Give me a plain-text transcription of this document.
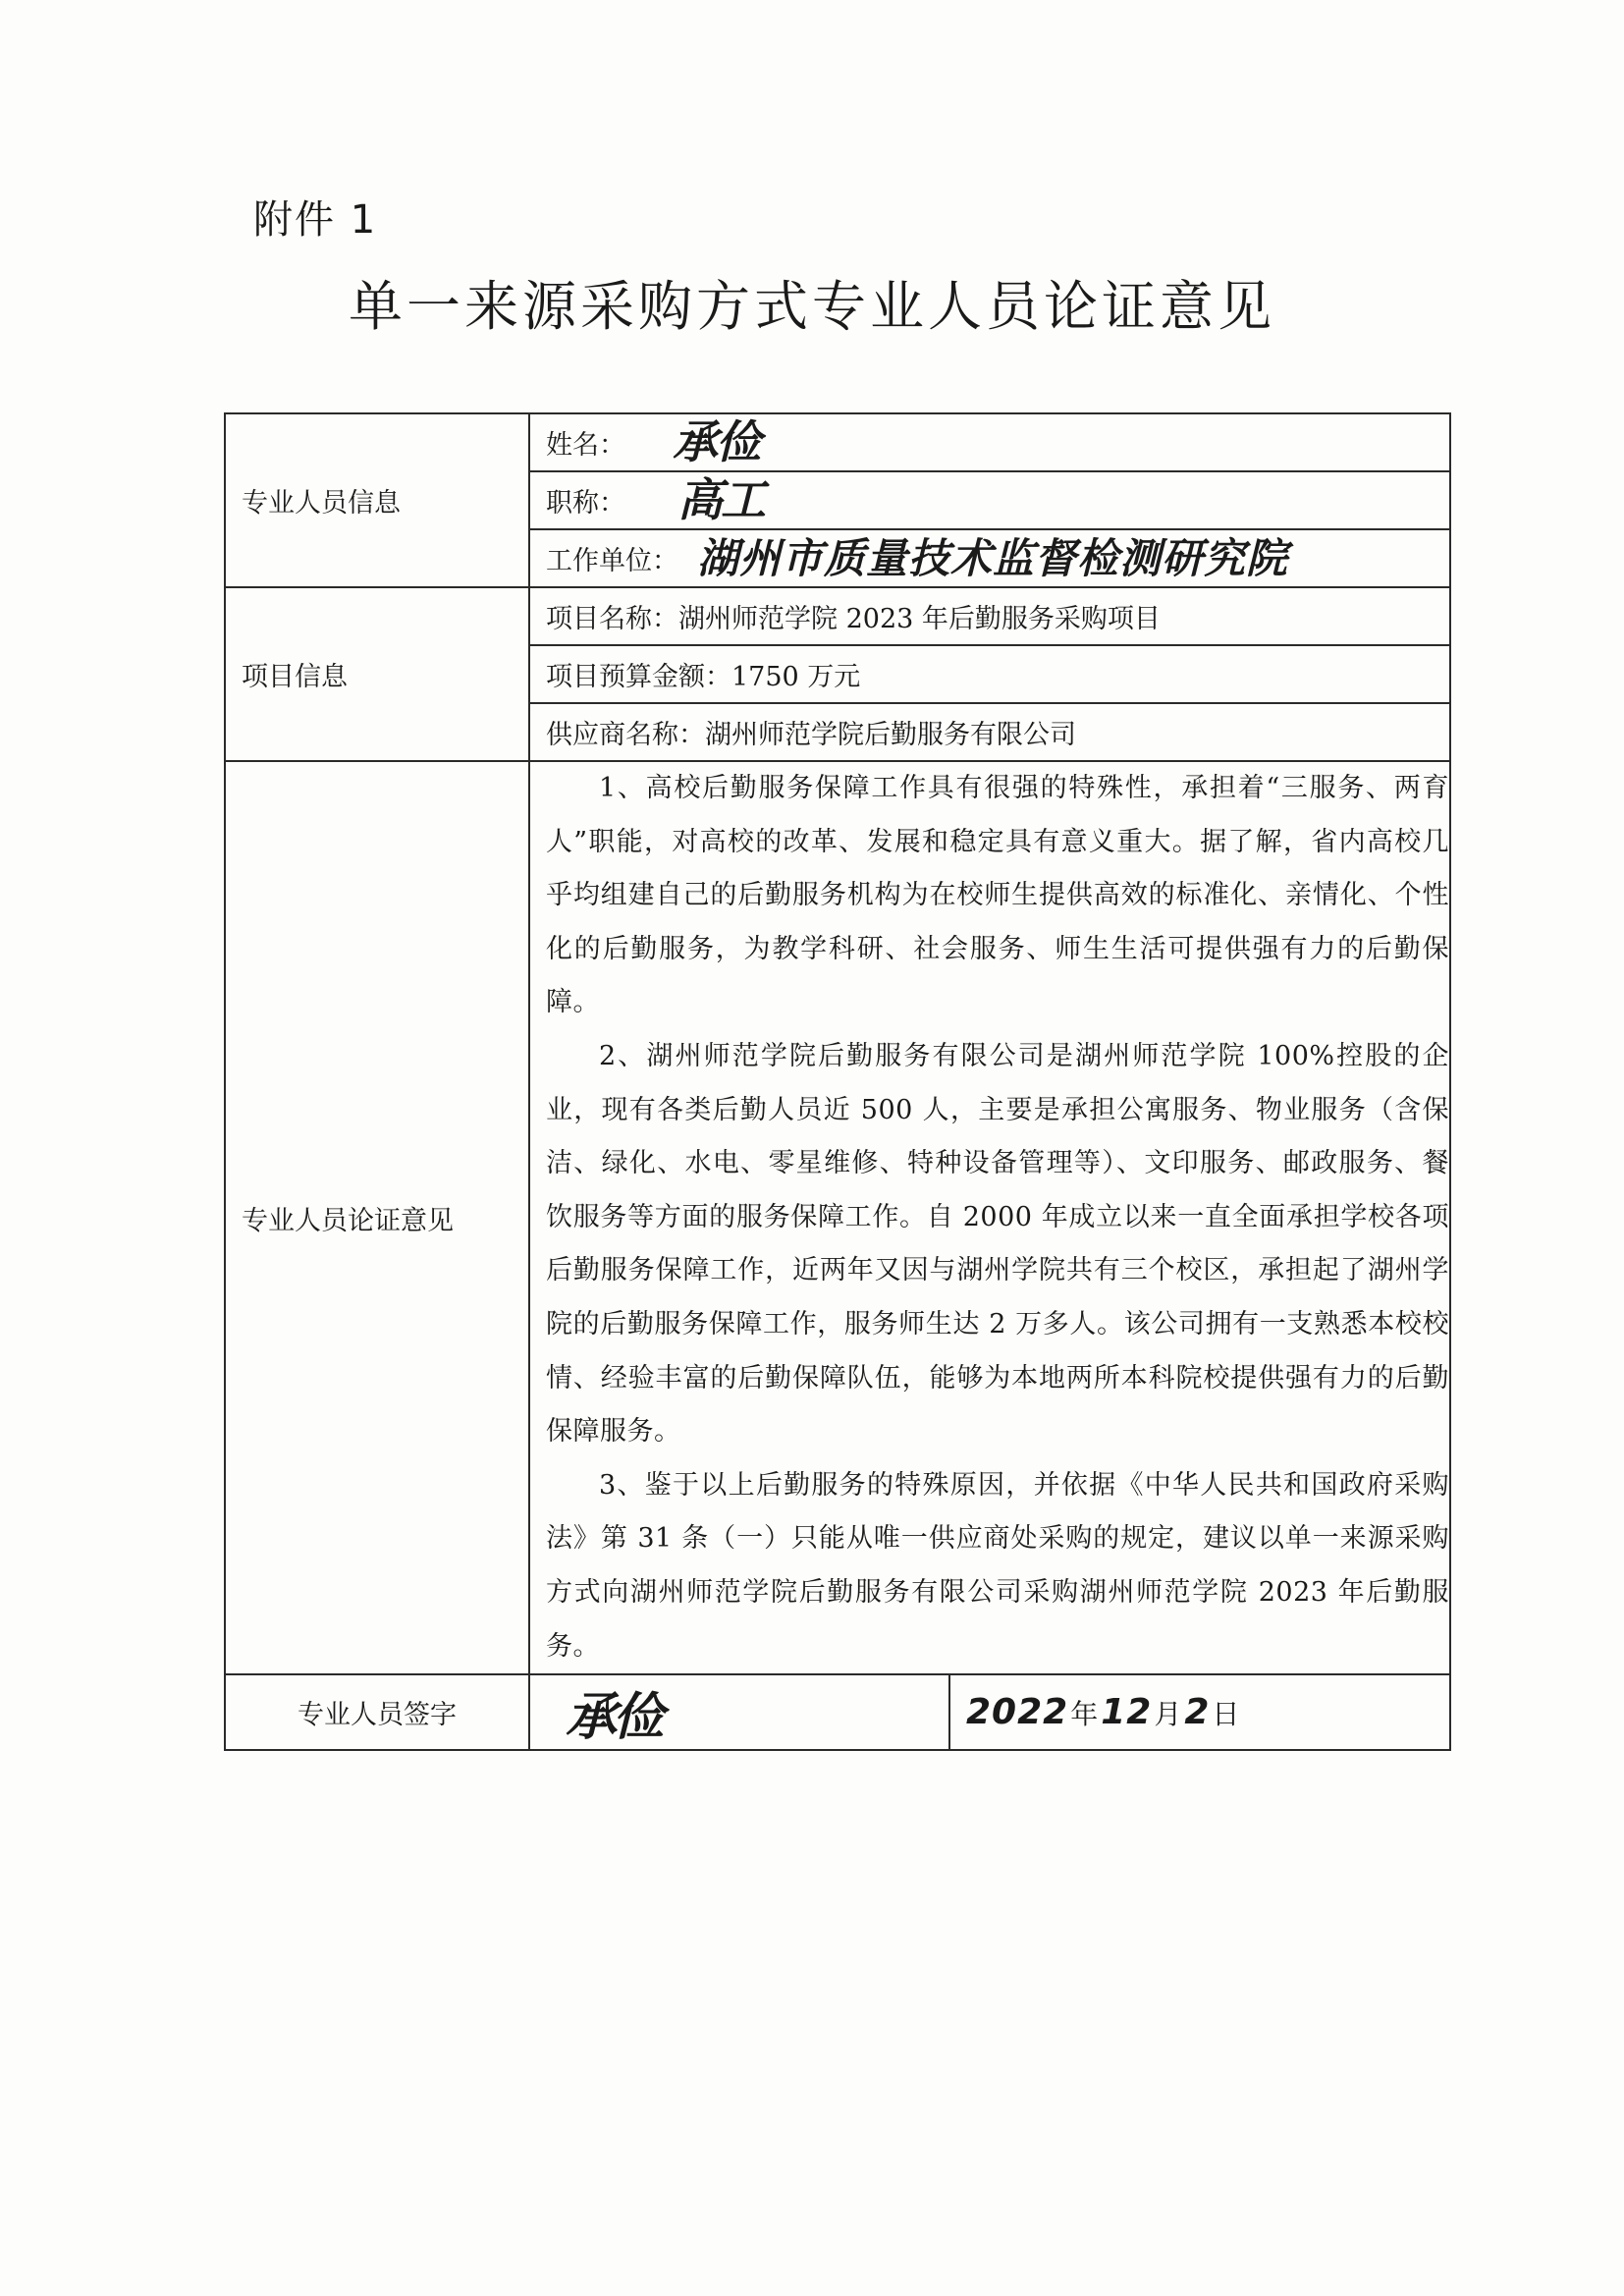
附件 1
单一来源采购方式专业人员论证意见
专业人员信息	姓名： 承俭	

	职称： 高工	

	工作单位： 湖州市质量技术监督检测研究院	

项目信息	项目名称：湖州师范学院 2023 年后勤服务采购项目	
	项目预算金额：1750 万元	
	供应商名称：湖州师范学院后勤服务有限公司	
专业人员论证意见	1、高校后勤服务保障工作具有很强的特殊性，承担着“三服务、两育人”职能，对高校的改革、发展和稳定具有意义重大。据了解，省内高校几乎均组建自己的后勤服务机构为在校师生提供高效的标准化、亲情化、个性化的后勤服务，为教学科研、社会服务、师生生活可提供强有力的后勤保障。

2、湖州师范学院后勤服务有限公司是湖州师范学院 100%控股的企业，现有各类后勤人员近 500 人，主要是承担公寓服务、物业服务（含保洁、绿化、水电、零星维修、特种设备管理等）、文印服务、邮政服务、餐饮服务等方面的服务保障工作。自 2000 年成立以来一直全面承担学校各项后勤服务保障工作，近两年又因与湖州学院共有三个校区，承担起了湖州学院的后勤服务保障工作，服务师生达 2 万多人。该公司拥有一支熟悉本校校情、经验丰富的后勤保障队伍，能够为本地两所本科院校提供强有力的后勤保障服务。

3、鉴于以上后勤服务的特殊原因，并依据《中华人民共和国政府采购法》第 31 条（一）只能从唯一供应商处采购的规定，建议以单一来源采购方式向湖州师范学院后勤服务有限公司采购湖州师范学院 2023 年后勤服务。	

专业人员签字	承俭	2022年12月2日
